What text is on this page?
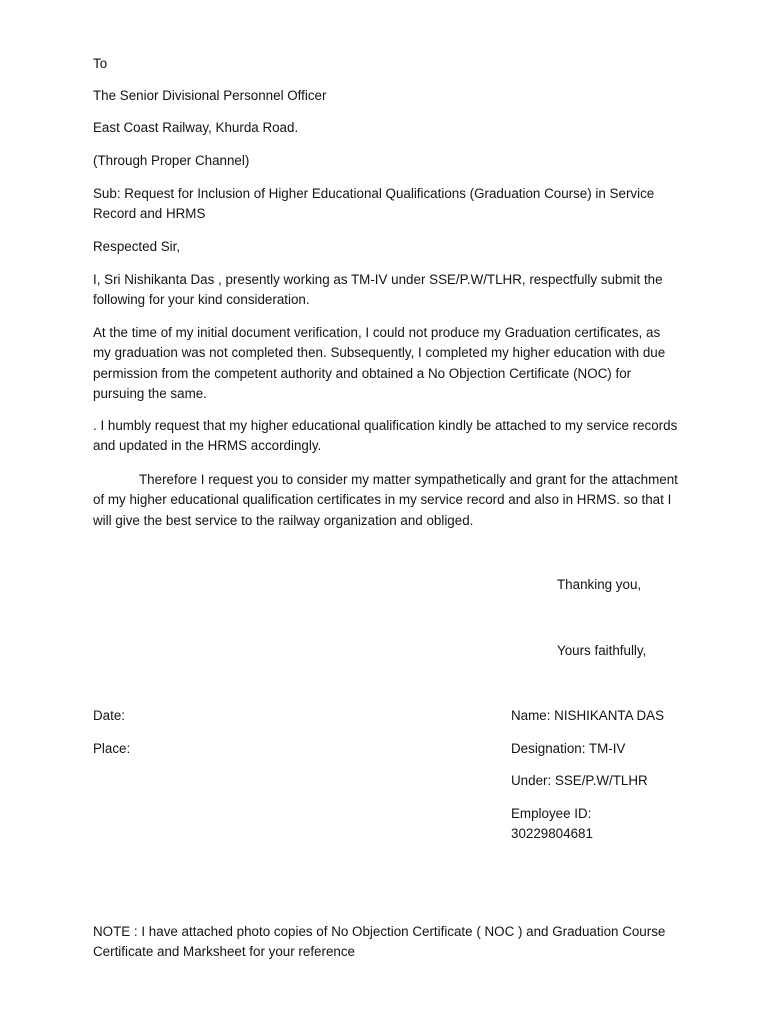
To
The Senior Divisional Personnel Officer
East Coast Railway, Khurda Road.
(Through Proper Channel)
Sub: Request for Inclusion of Higher Educational Qualifications (Graduation Course) in Service Record and HRMS
Respected Sir,
I, Sri Nishikanta Das , presently working as TM-IV under SSE/P.W/TLHR, respectfully submit the following for your kind consideration.
At the time of my initial document verification, I could not produce my Graduation certificates, as my graduation was not completed then. Subsequently, I completed my higher education with due permission from the competent authority and obtained a No Objection Certificate (NOC) for pursuing the same.
. I humbly request that my higher educational qualification kindly be attached to my service records and updated in the HRMS accordingly.
Therefore I request you to consider my matter sympathetically and grant for the attachment of my higher educational qualification certificates in my service record and also in HRMS. so that I will give the best service to the railway organization and obliged.
Thanking you,
Yours faithfully,
Date:
Place:
Name: NISHIKANTA DAS
Designation: TM-IV
Under: SSE/P.W/TLHR
Employee ID:
30229804681
NOTE : I have attached photo copies of No Objection Certificate ( NOC ) and Graduation Course Certificate and Marksheet for your reference
